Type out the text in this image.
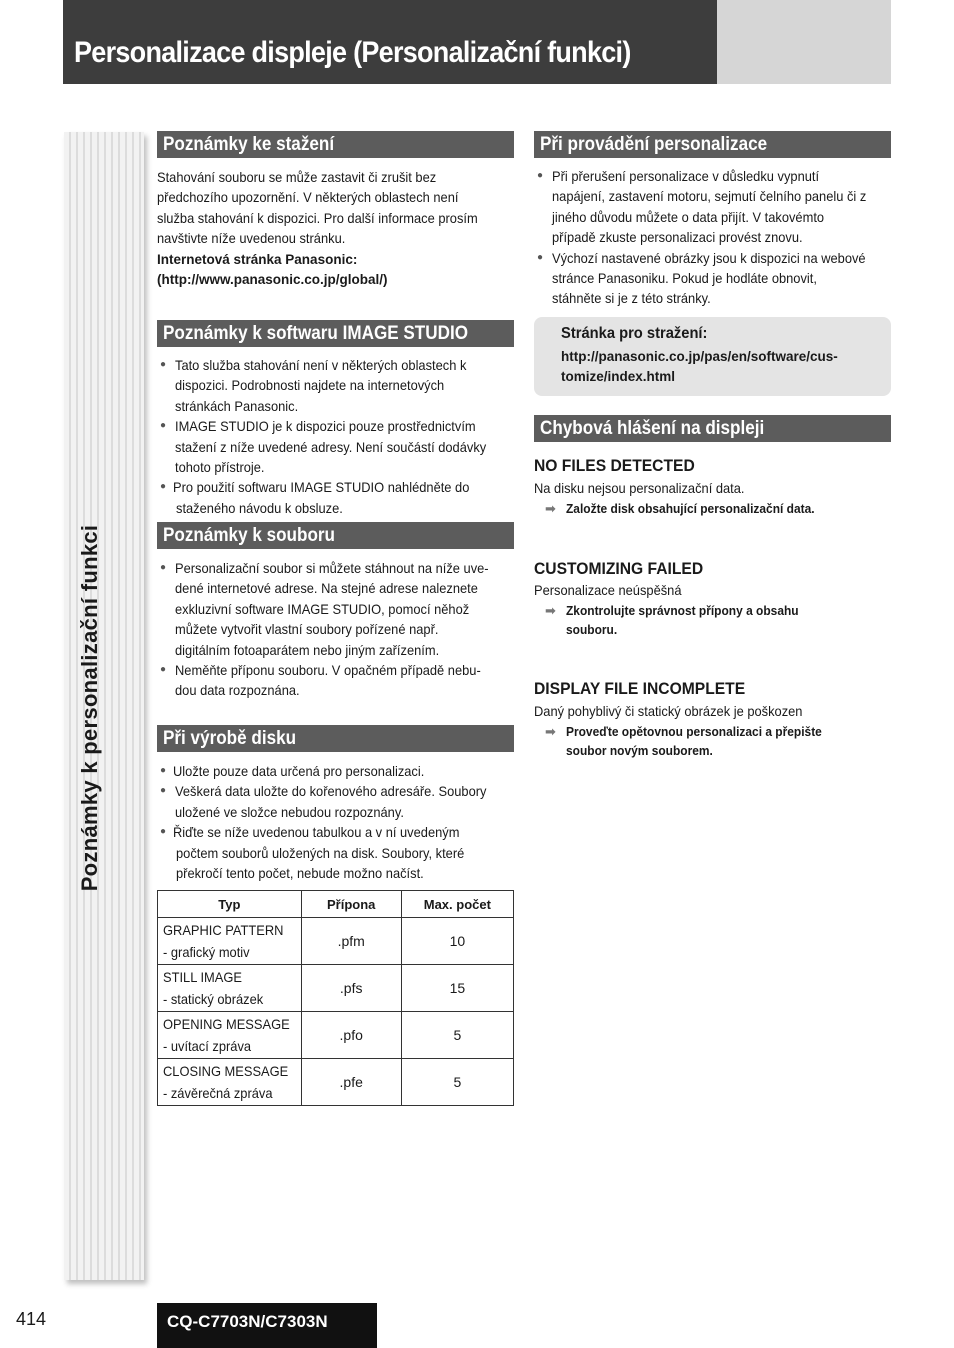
Personalizace displeje (Personalizační funkci)
Poznámky k personalizační funkci
Poznámky ke stažení

Stahování souboru se může zastavit či zrušit bez

předchozího upozornění. V některých oblastech není

služba stahování k dispozici. Pro další informace prosím

navštivte níže uvedenou stránku.

Internetová stránka Panasonic:

(http://www.panasonic.co.jp/global/)

Poznámky k softwaru IMAGE STUDIO

● Tato služba stahování není v některých oblastech k

dispozici. Podrobnosti najdete na internetových

stránkách Panasonic.

● IMAGE STUDIO je k dispozici pouze prostřednictvím

stažení z níže uvedené adresy. Není součástí dodávky

tohoto přístroje.

● Pro použití softwaru IMAGE STUDIO nahlédněte do

staženého návodu k obsluze.

Poznámky k souboru

● Personalizační soubor si můžete stáhnout na níže uve-

dené internetové adrese. Na stejné adrese naleznete

exkluzivní software IMAGE STUDIO, pomocí něhož

můžete vytvořit vlastní soubory pořízené např.

digitálním fotoaparátem nebo jiným zařízením.

● Neměňte příponu souboru. V opačném případě nebu-

dou data rozpoznána.

Při výrobě disku

● Uložte pouze data určená pro personalizaci.

● Veškerá data uložte do kořenového adresáře. Soubory

uložené ve složce nebudou rozpoznány.

● Řiďte se níže uvedenou tabulkou a v ní uvedeným

počtem souborů uložených na disk. Soubory, které

překročí tento počet, nebude možno načíst.

Typ	Přípona	Max. počet
GRAPHIC PATTERN
- grafický motiv	.pfm	10
STILL IMAGE
- statický obrázek	.pfs	15
OPENING MESSAGE
- uvítací zpráva	.pfo	5
CLOSING MESSAGE
- závěrečná zpráva	.pfe	5
Při provádění personalizace

● Při přerušení personalizace v důsledku vypnutí

napájení, zastavení motoru, sejmutí čelního panelu či z

jiného důvodu můžete o data přijít. V takovémto

případě zkuste personalizaci provést znovu.

● Výchozí nastavené obrázky jsou k dispozici na webové

stránce Panasoniku. Pokud je hodláte obnovit,

stáhněte si je z této stránky.

Stránka pro stražení:

http://panasonic.co.jp/pas/en/software/cus-

tomize/index.html

Chybová hlášení na displeji
NO FILES DETECTED
Na disku nejsou personalizační data.

➡ Založte disk obsahující personalizační data.

CUSTOMIZING FAILED
Personalizace neúspěšná

➡ Zkontrolujte správnost přípony a obsahu

souboru.

DISPLAY FILE INCOMPLETE
Daný pohyblivý či statický obrázek je poškozen

➡ Proveďte opětovnou personalizaci a přepište

soubor novým souborem.

414	CQ-C7703N/C7303N
